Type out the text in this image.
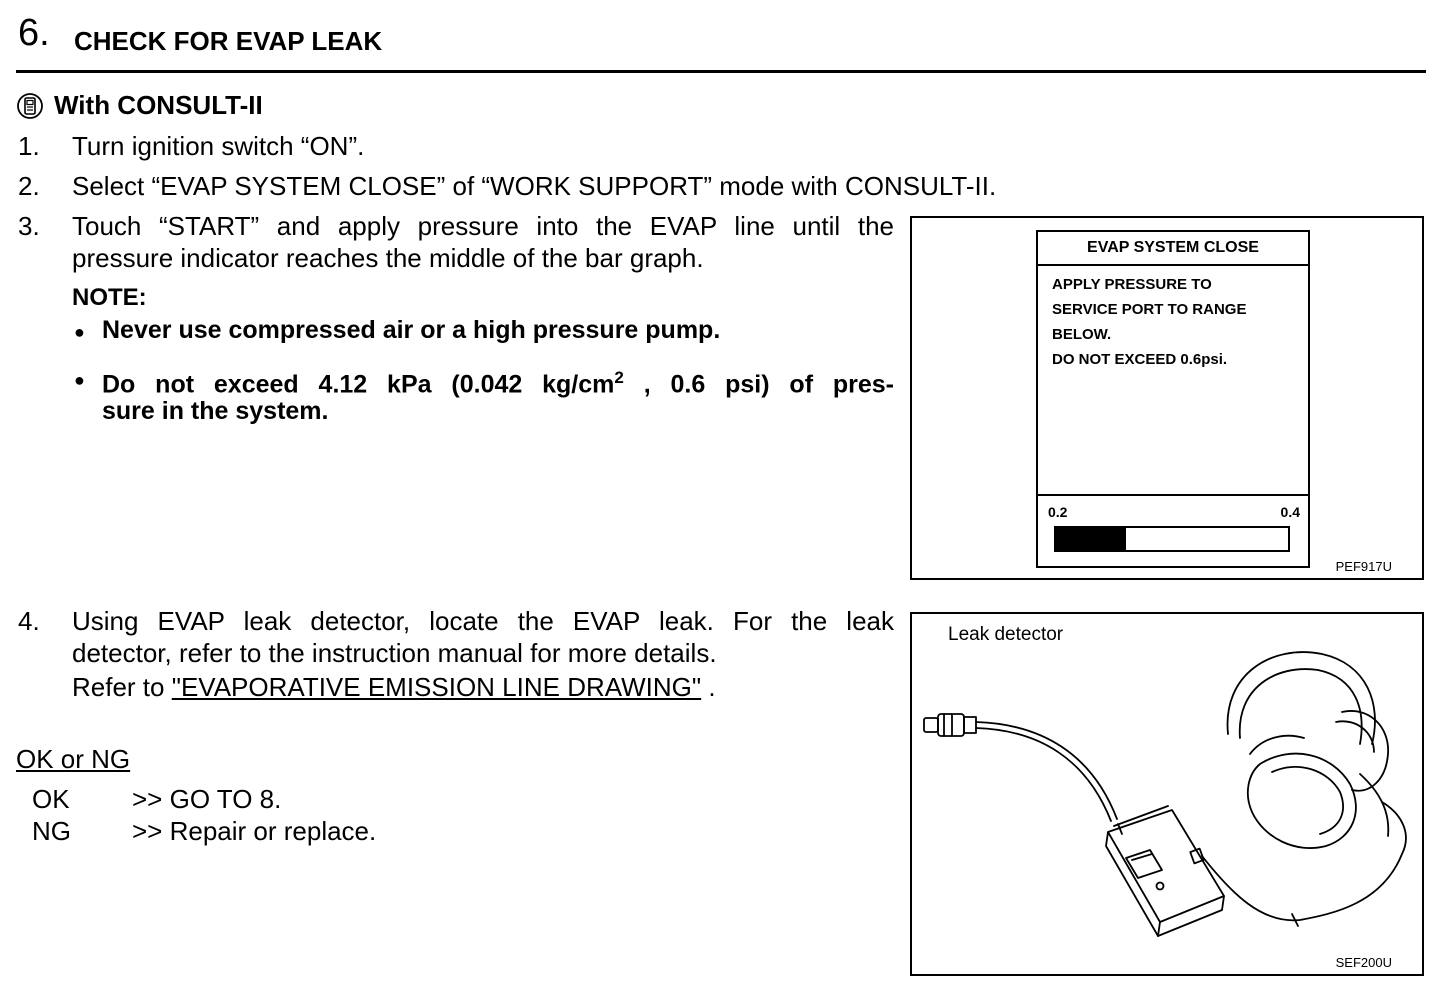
6. CHECK FOR EVAP LEAK
With CONSULT-II
1. Turn ignition switch “ON”.
2. Select “EVAP SYSTEM CLOSE” of “WORK SUPPORT” mode with CONSULT-II.
3. Touch “START” and apply pressure into the EVAP line until the
pressure indicator reaches the middle of the bar graph.
NOTE:
● Never use compressed air or a high pressure pump.
● Do not exceed 4.12 kPa (0.042 $kg/cm^2$ , 0.6 psi) of pres-
sure in the system.
EVAP SYSTEM CLOSE
APPLY PRESSURE TO
SERVICE PORT TO RANGE
BELOW.
DO NOT EXCEED 0.6psi.
0.2	0.4
PEF917U
4. Using EVAP leak detector, locate the EVAP leak. For the leak
detector, refer to the instruction manual for more details.
Refer to "EVAPORATIVE EMISSION LINE DRAWING" .
Leak detector
SEF200U
OK or NG
OK >> GO TO 8.
NG >> Repair or replace.
